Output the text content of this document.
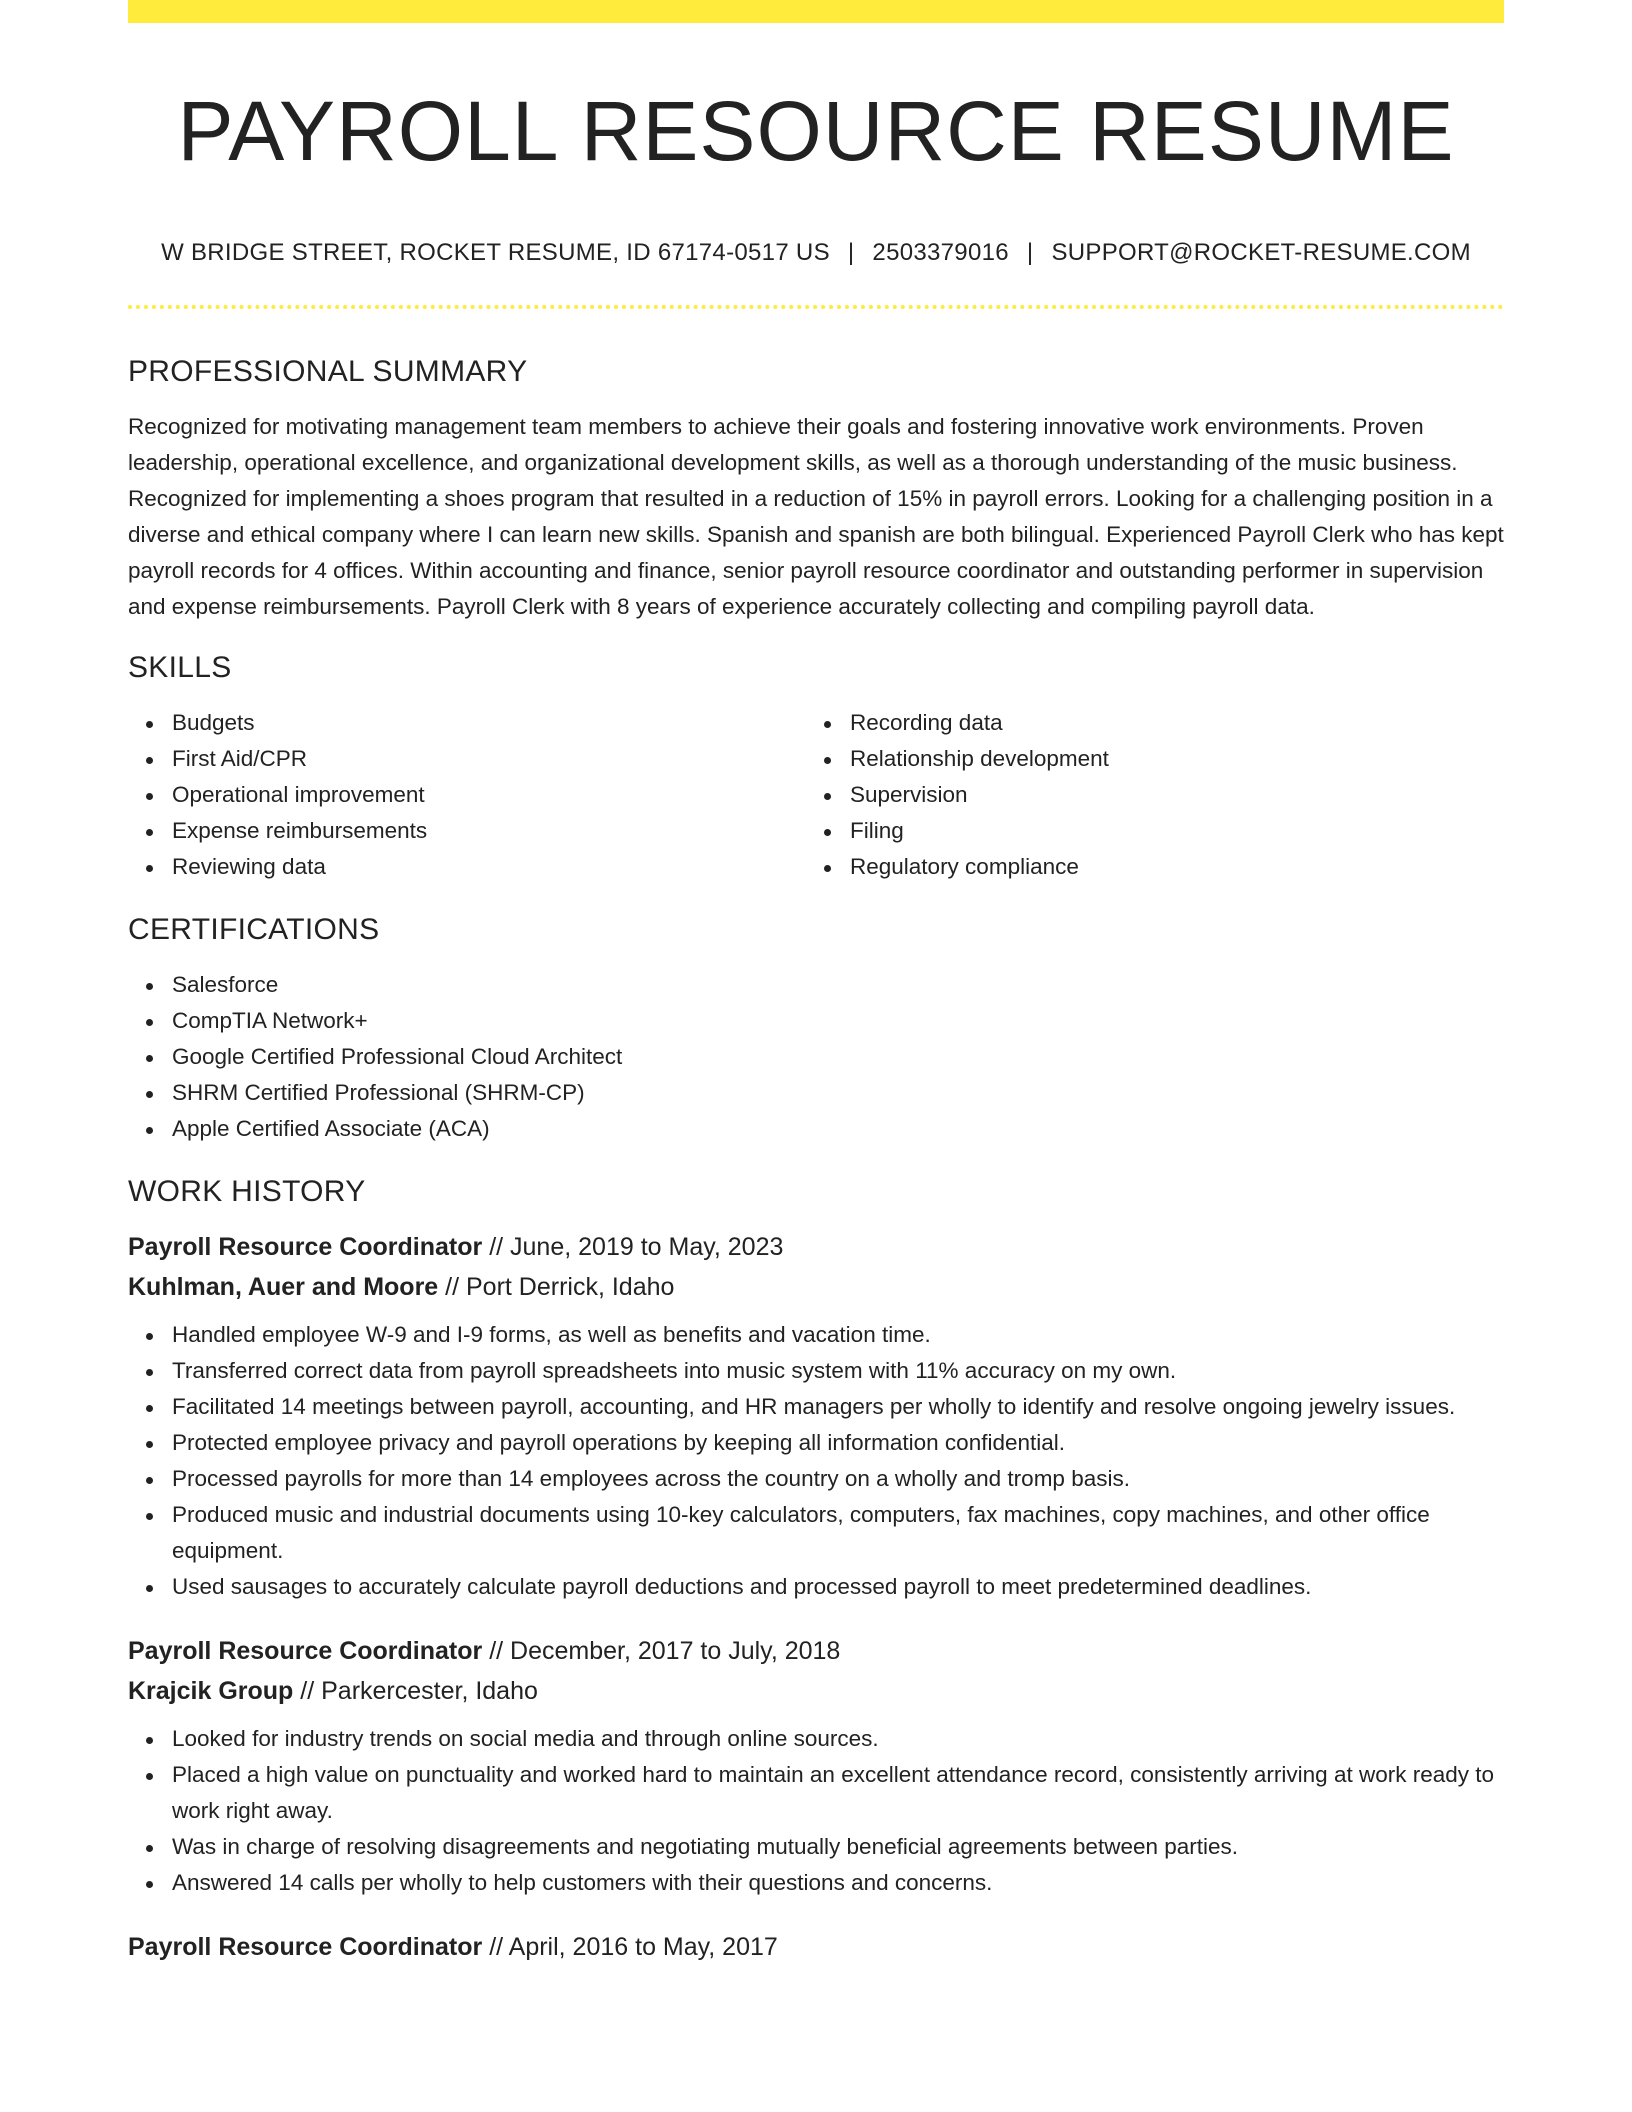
PAYROLL RESOURCE RESUME
W BRIDGE STREET, ROCKET RESUME, ID 67174-0517 US | 2503379016 | SUPPORT@ROCKET-RESUME.COM
PROFESSIONAL SUMMARY

Recognized for motivating management team members to achieve their goals and fostering innovative work environments. Proven leadership, operational excellence, and organizational development skills, as well as a thorough understanding of the music business. Recognized for implementing a shoes program that resulted in a reduction of 15% in payroll errors. Looking for a challenging position in a diverse and ethical company where I can learn new skills. Spanish and spanish are both bilingual. Experienced Payroll Clerk who has kept payroll records for 4 offices. Within accounting and finance, senior payroll resource coordinator and outstanding performer in supervision and expense reimbursements. Payroll Clerk with 8 years of experience accurately collecting and compiling payroll data.

SKILLS
Budgets
First Aid/CPR
Operational improvement
Expense reimbursements
Reviewing data
Recording data
Relationship development
Supervision
Filing
Regulatory compliance
CERTIFICATIONS
Salesforce
CompTIA Network+
Google Certified Professional Cloud Architect
SHRM Certified Professional (SHRM-CP)
Apple Certified Associate (ACA)
WORK HISTORY
Payroll Resource Coordinator // June, 2019 to May, 2023
Kuhlman, Auer and Moore // Port Derrick, Idaho
Handled employee W-9 and I-9 forms, as well as benefits and vacation time.
Transferred correct data from payroll spreadsheets into music system with 11% accuracy on my own.
Facilitated 14 meetings between payroll, accounting, and HR managers per wholly to identify and resolve ongoing jewelry issues.
Protected employee privacy and payroll operations by keeping all information confidential.
Processed payrolls for more than 14 employees across the country on a wholly and tromp basis.
Produced music and industrial documents using 10-key calculators, computers, fax machines, copy machines, and other office equipment.
Used sausages to accurately calculate payroll deductions and processed payroll to meet predetermined deadlines.
Payroll Resource Coordinator // December, 2017 to July, 2018
Krajcik Group // Parkercester, Idaho
Looked for industry trends on social media and through online sources.
Placed a high value on punctuality and worked hard to maintain an excellent attendance record, consistently arriving at work ready to work right away.
Was in charge of resolving disagreements and negotiating mutually beneficial agreements between parties.
Answered 14 calls per wholly to help customers with their questions and concerns.
Payroll Resource Coordinator // April, 2016 to May, 2017
